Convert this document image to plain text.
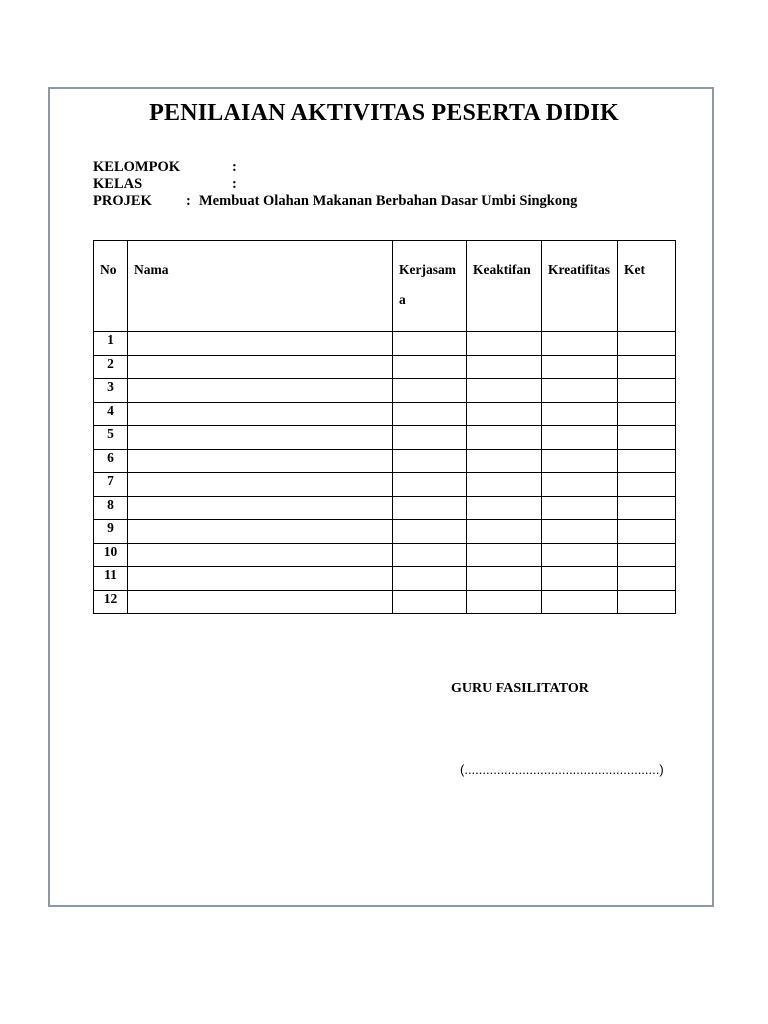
PENILAIAN AKTIVITAS PESERTA DIDIK
KELOMPOK	:
KELAS	:
PROJEK : Membuat Olahan Makanan Berbahan Dasar Umbi Singkong
No	Nama	Kerjasama	Keaktifan	Kreatifitas	Ket
1					
2					
3					
4					
5					
6					
7					
8					
9					
10					
11					
12					
GURU FASILITATOR
(......................................................)
